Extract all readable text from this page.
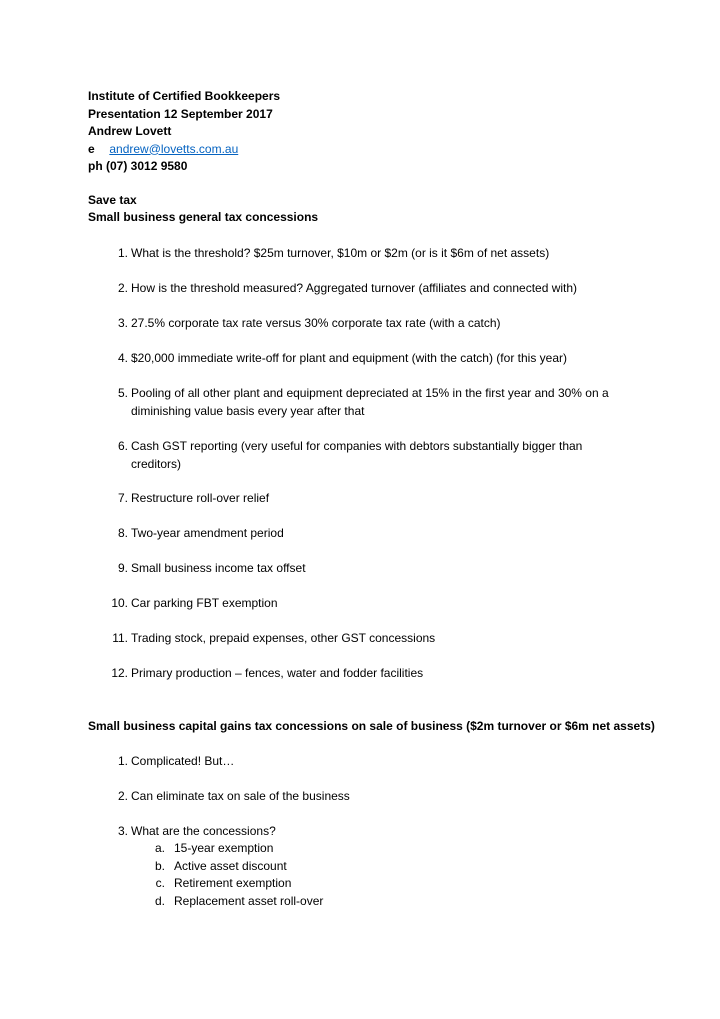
Institute of Certified Bookkeepers
Presentation 12 September 2017
Andrew Lovett
e andrew@lovetts.com.au
ph (07) 3012 9580
Save tax
Small business general tax concessions
1. What is the threshold? $25m turnover, $10m or $2m (or is it $6m of net assets)
2. How is the threshold measured? Aggregated turnover (affiliates and connected with)
3. 27.5% corporate tax rate versus 30% corporate tax rate (with a catch)
4. $20,000 immediate write-off for plant and equipment (with the catch) (for this year)
5. Pooling of all other plant and equipment depreciated at 15% in the first year and 30% on a diminishing value basis every year after that
6. Cash GST reporting (very useful for companies with debtors substantially bigger than creditors)
7. Restructure roll-over relief
8. Two-year amendment period
9. Small business income tax offset
10. Car parking FBT exemption
11. Trading stock, prepaid expenses, other GST concessions
12. Primary production – fences, water and fodder facilities
Small business capital gains tax concessions on sale of business ($2m turnover or $6m net assets)
1. Complicated! But…
2. Can eliminate tax on sale of the business
3. What are the concessions?
a. 15-year exemption
b. Active asset discount
c. Retirement exemption
d. Replacement asset roll-over
